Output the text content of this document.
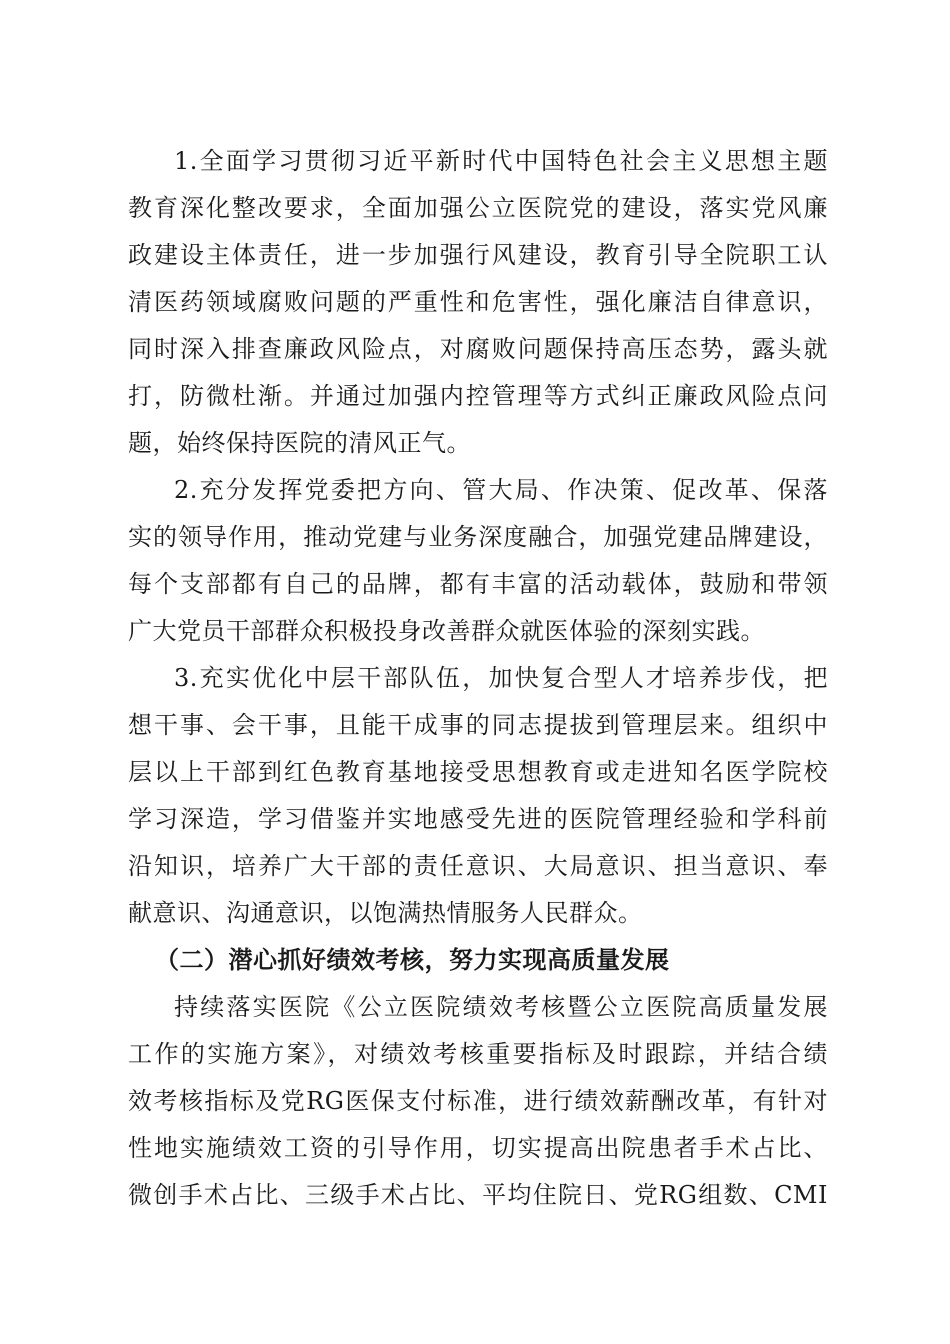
1.全面学习贯彻习近平新时代中国特色社会主义思想主题

教育深化整改要求，全面加强公立医院党的建设，落实党风廉

政建设主体责任，进一步加强行风建设，教育引导全院职工认

清医药领域腐败问题的严重性和危害性，强化廉洁自律意识，

同时深入排查廉政风险点，对腐败问题保持高压态势，露头就

打，防微杜渐。并通过加强内控管理等方式纠正廉政风险点问

题，始终保持医院的清风正气。

2.充分发挥党委把方向、管大局、作决策、促改革、保落

实的领导作用，推动党建与业务深度融合，加强党建品牌建设，

每个支部都有自己的品牌，都有丰富的活动载体，鼓励和带领

广大党员干部群众积极投身改善群众就医体验的深刻实践。

3.充实优化中层干部队伍，加快复合型人才培养步伐，把

想干事、会干事，且能干成事的同志提拔到管理层来。组织中

层以上干部到红色教育基地接受思想教育或走进知名医学院校

学习深造，学习借鉴并实地感受先进的医院管理经验和学科前

沿知识，培养广大干部的责任意识、大局意识、担当意识、奉

献意识、沟通意识，以饱满热情服务人民群众。

（二）潜心抓好绩效考核，努力实现高质量发展

持续落实医院《公立医院绩效考核暨公立医院高质量发展

工作的实施方案》，对绩效考核重要指标及时跟踪，并结合绩

效考核指标及党RG医保支付标准，进行绩效薪酬改革，有针对

性地实施绩效工资的引导作用，切实提高出院患者手术占比、

微创手术占比、三级手术占比、平均住院日、党RG组数、CMI
